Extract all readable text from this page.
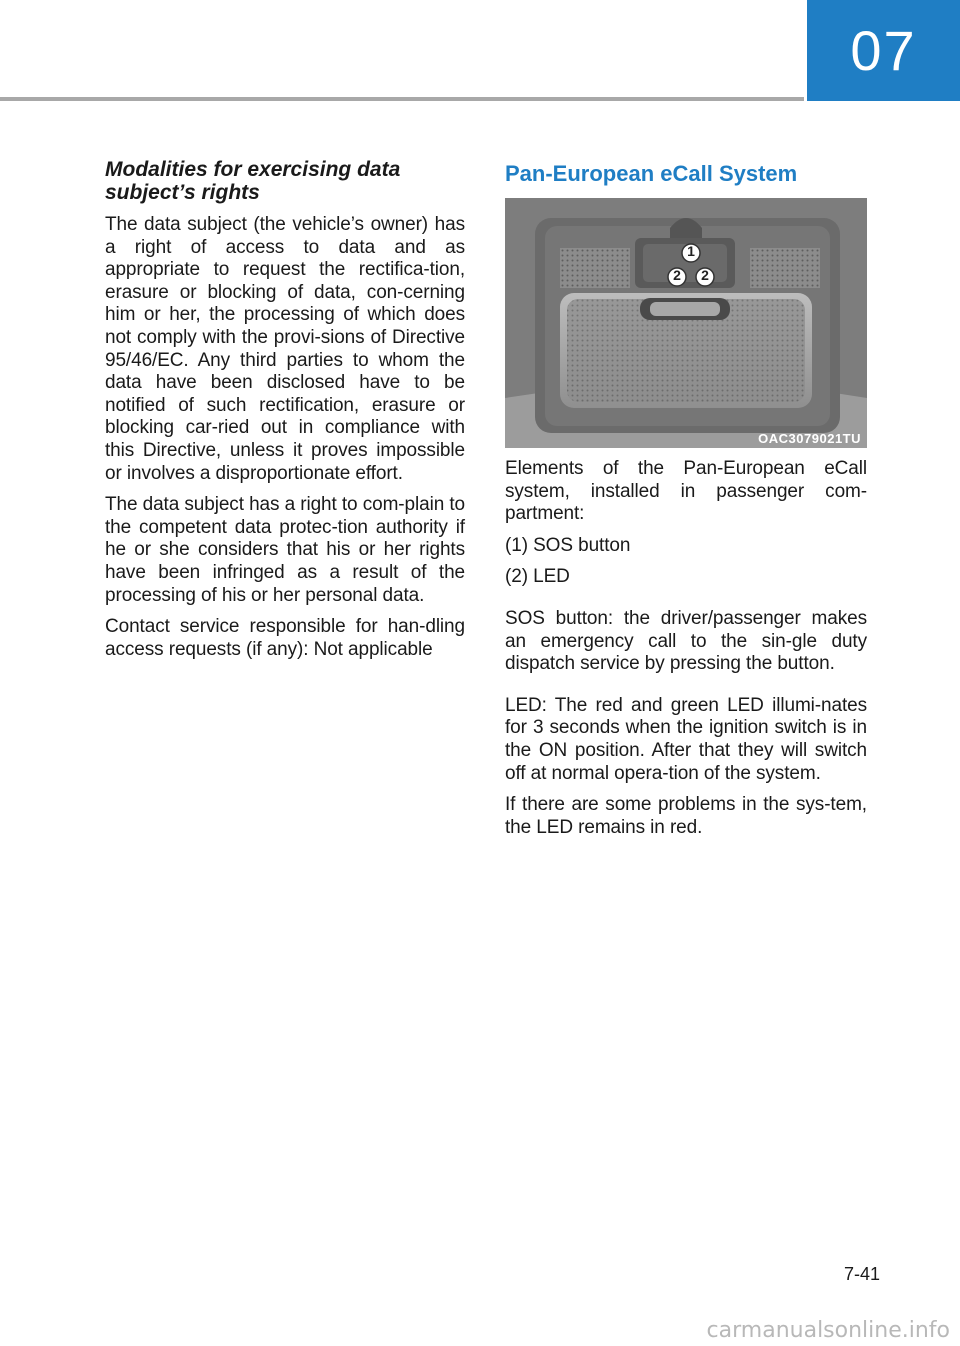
07
Modalities for exercising data subject’s rights

The data subject (the vehicle’s owner) has a right of access to data and as appropriate to request the rectifica-tion, erasure or blocking of data, con-cerning him or her, the processing of which does not comply with the provi-sions of Directive 95/46/EC. Any third parties to whom the data have been disclosed have to be notified of such rectification, erasure or blocking car-ried out in compliance with this Directive, unless it proves impossible or involves a disproportionate effort.

The data subject has a right to com-plain to the competent data protec-tion authority if he or she considers that his or her rights have been infringed as a result of the processing of his or her personal data.

Contact service responsible for han-dling access requests (if any): Not applicable

Pan-European eCall System
1
2 2
OAC3079021TU

Elements of the Pan-European eCall system, installed in passenger com-partment:

(1) SOS button

(2) LED

SOS button: the driver/passenger makes an emergency call to the sin-gle duty dispatch service by pressing the button.

LED: The red and green LED illumi-nates for 3 seconds when the ignition switch is in the ON position. After that they will switch off at normal opera-tion of the system.

If there are some problems in the sys-tem, the LED remains in red.

7-41
carmanualsonline.info
